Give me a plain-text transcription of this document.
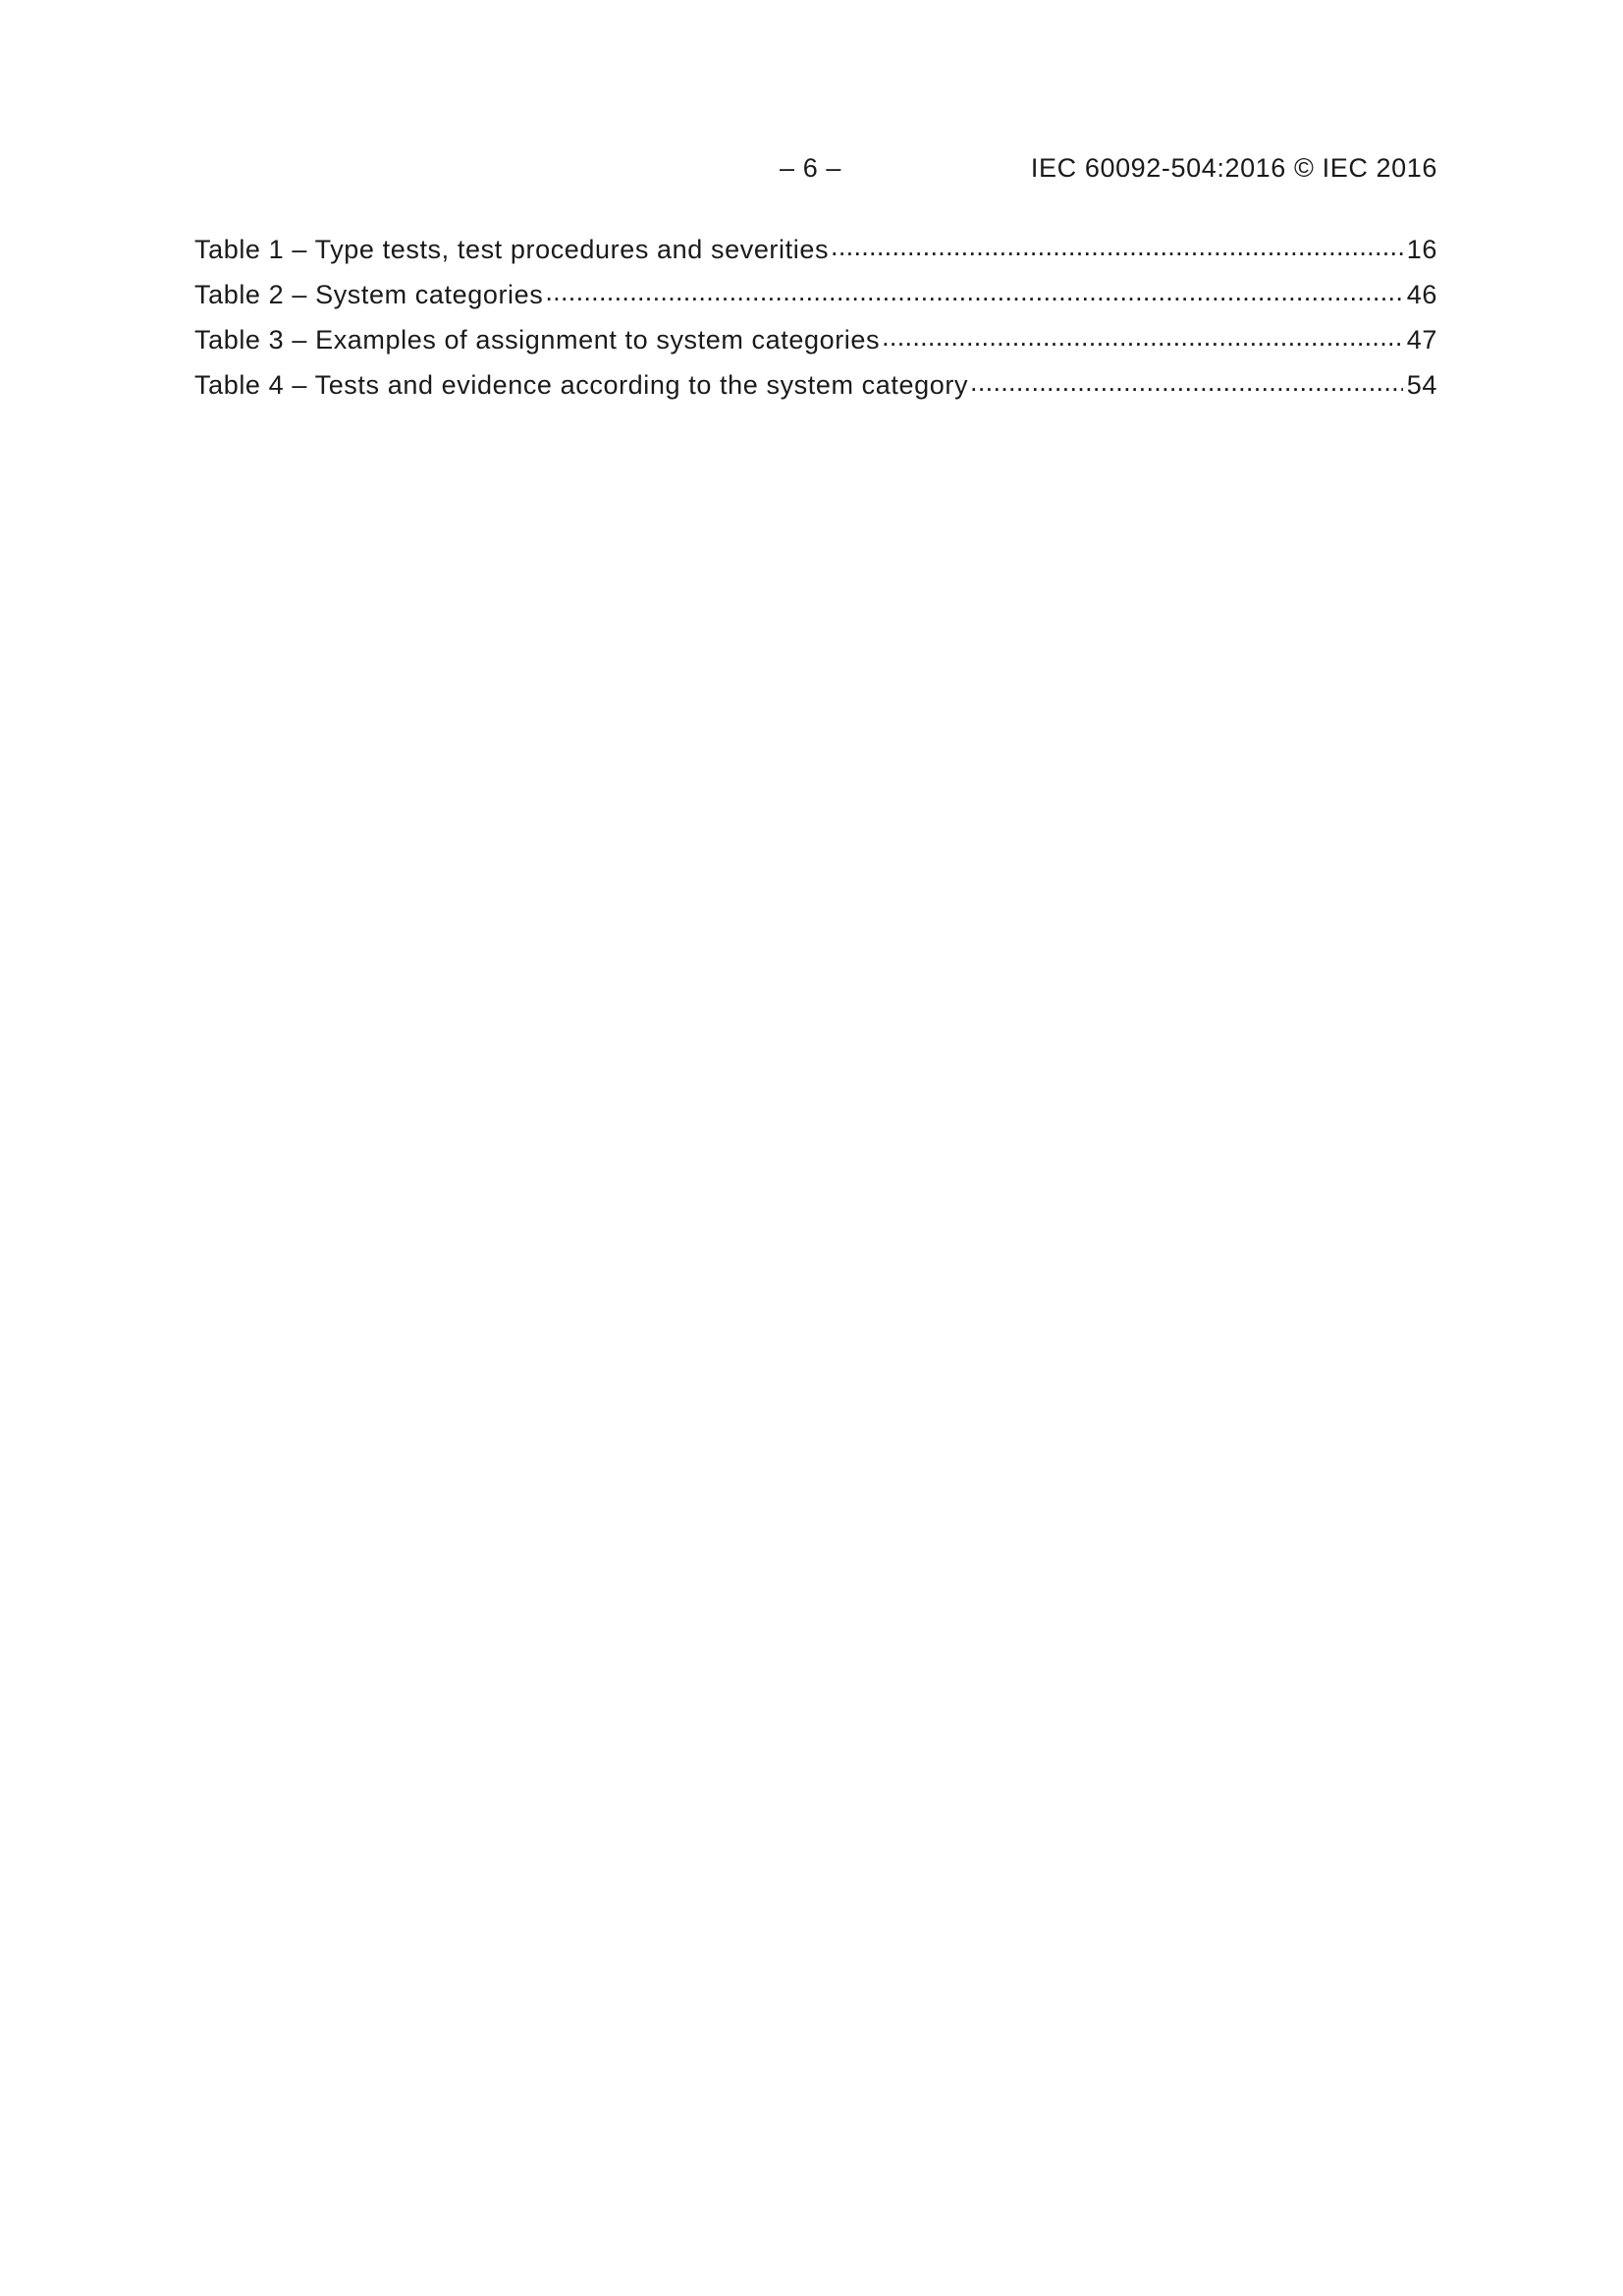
– 6 –	IEC 60092-504:2016 © IEC 2016
Table 1 – Type tests, test procedures and severities .....	16
Table 2 – System categories .....	46
Table 3 – Examples of assignment to system categories .....	47
Table 4 – Tests and evidence according to the system category .....	54
